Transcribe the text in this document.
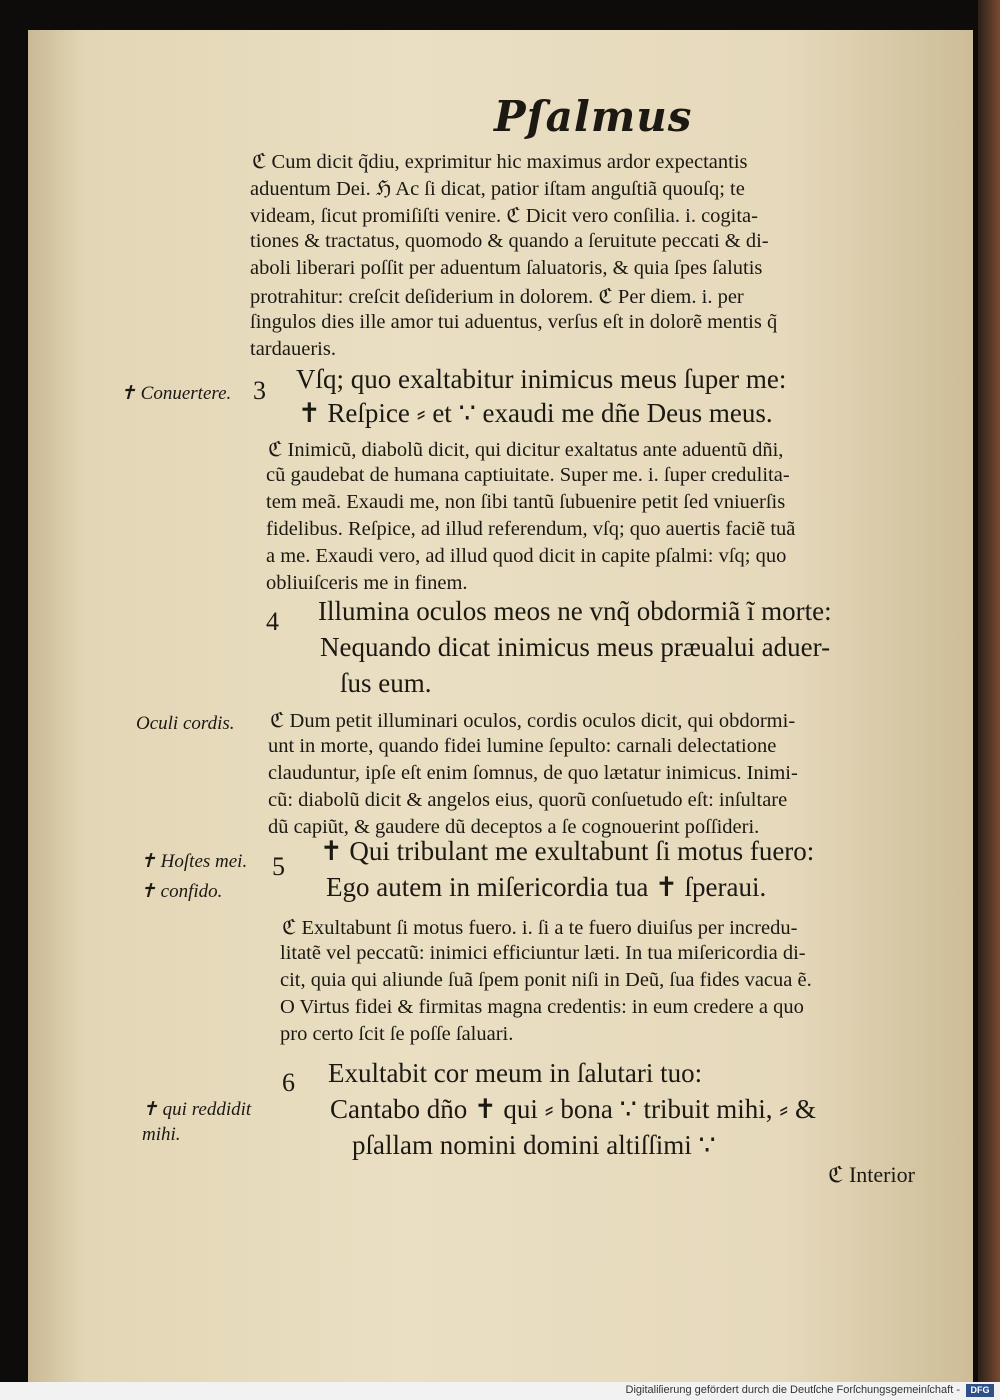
Pſalmus
ℭ Cum dicit q̃diu, exprimitur hic maximus ardor expectantis
aduentum Dei. ℌ Ac ſi dicat, patior iſtam anguſtiã quouſq; te
videam, ſicut promiſiſti venire. ℭ Dicit vero conſilia. i. cogita-
tiones & tractatus, quomodo & quando a ſeruitute peccati & di-
aboli liberari poſſit per aduentum ſaluatoris, & quia ſpes ſalutis
protrahitur: creſcit deſiderium in dolorem. ℭ Per diem. i. per
ſingulos dies ille amor tui aduentus, verſus eſt in dolorẽ mentis q̃
tardaueris.
✝ Conuertere. 3 Vſq; quo exaltabitur inimicus meus ſuper me:
✝ Reſpice ⸗ et ∵ exaudi me dñe Deus meus.
ℭ Inimicũ, diabolũ dicit, qui dicitur exaltatus ante aduentũ dñi,
cũ gaudebat de humana captiuitate. Super me. i. ſuper credulita-
tem meã. Exaudi me, non ſibi tantũ ſubuenire petit ſed vniuerſis
fidelibus. Reſpice, ad illud referendum, vſq; quo auertis faciẽ tuã
a me. Exaudi vero, ad illud quod dicit in capite pſalmi: vſq; quo
obliuiſceris me in finem.
4 Illumina oculos meos ne vnq̃ obdormiã ĩ morte:
Nequando dicat inimicus meus præualui aduer-
ſus eum.
Oculi cordis. ℭ Dum petit illuminari oculos, cordis oculos dicit, qui obdormi-
unt in morte, quando fidei lumine ſepulto: carnali delectatione
clauduntur, ipſe eſt enim ſomnus, de quo lætatur inimicus. Inimi-
cũ: diabolũ dicit & angelos eius, quorũ conſuetudo eſt: inſultare
dũ capiũt, & gaudere dũ deceptos a ſe cognouerint poſſideri.
✝ Hoſtes mei.
✝ confido.
5
✝ Qui tribulant me exultabunt ſi motus fuero:
Ego autem in miſericordia tua ✝ ſperaui.
ℭ Exultabunt ſi motus fuero. i. ſi a te fuero diuiſus per incredu-
litatẽ vel peccatũ: inimici efficiuntur læti. In tua miſericordia di-
cit, quia qui aliunde ſuã ſpem ponit niſi in Deũ, ſua fides vacua ẽ.
O Virtus fidei & firmitas magna credentis: in eum credere a quo
pro certo ſcit ſe poſſe ſaluari.
6
✝ qui reddidit
mihi.
Exultabit cor meum in ſalutari tuo:
Cantabo dño ✝ qui ⸗ bona ∵ tribuit mihi, ⸗ &
pſallam nomini domini altiſſimi ∵
ℭ Interior
Digitaliſierung gefördert durch die Deutſche Forſchungsgemeinſchaft -	DFG
